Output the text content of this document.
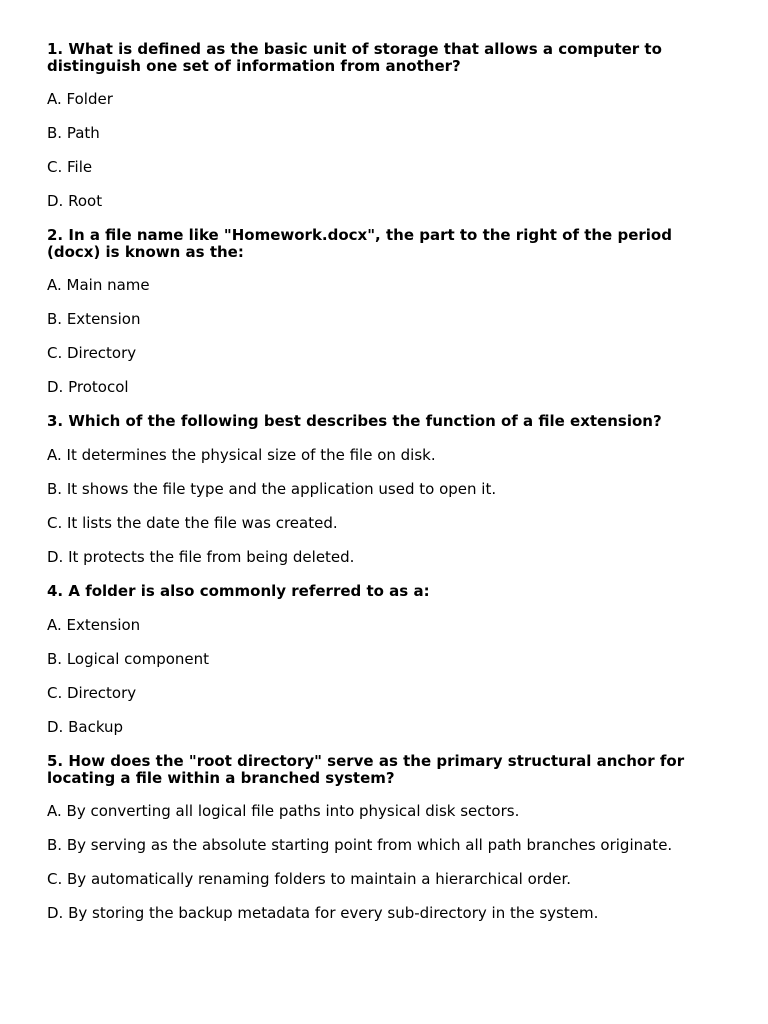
1. What is defined as the basic unit of storage that allows a computer to distinguish one set of information from another?

A. Folder

B. Path

C. File

D. Root

2. In a file name like "Homework.docx", the part to the right of the period (docx) is known as the:

A. Main name

B. Extension

C. Directory

D. Protocol

3. Which of the following best describes the function of a file extension?

A. It determines the physical size of the file on disk.

B. It shows the file type and the application used to open it.

C. It lists the date the file was created.

D. It protects the file from being deleted.

4. A folder is also commonly referred to as a:

A. Extension

B. Logical component

C. Directory

D. Backup

5. How does the "root directory" serve as the primary structural anchor for locating a file within a branched system?

A. By converting all logical file paths into physical disk sectors.

B. By serving as the absolute starting point from which all path branches originate.

C. By automatically renaming folders to maintain a hierarchical order.

D. By storing the backup metadata for every sub-directory in the system.
